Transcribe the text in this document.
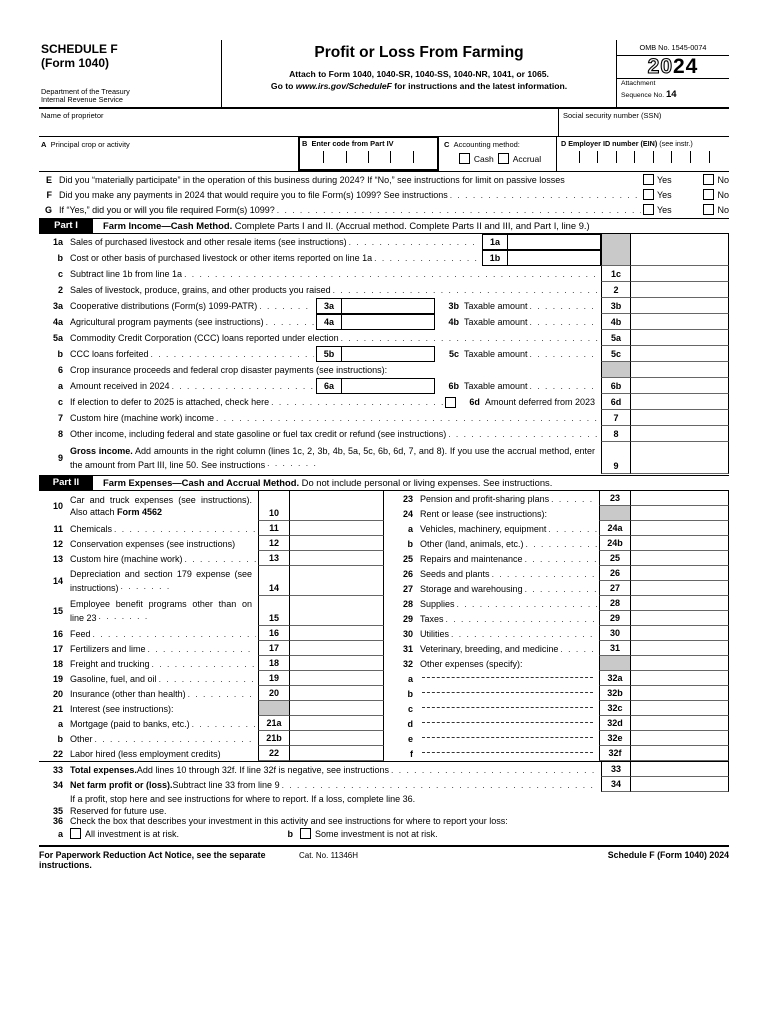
SCHEDULE F
(Form 1040)
Department of the Treasury
Internal Revenue Service
Profit or Loss From Farming
Attach to Form 1040, 1040-SR, 1040-SS, 1040-NR, 1041, or 1065.
Go to www.irs.gov/ScheduleF for instructions and the latest information.
OMB No. 1545-0074
2024
Attachment
Sequence No. 14
Name of proprietor	Social security number (SSN)
A Principal crop or activity	B Enter code from Part IV	C Accounting method:
Cash Accrual
D Employer ID number (EIN) (see instr.)
E Did you “materially participate” in the operation of this business during 2024? If “No,” see instructions for limit on passive losses	Yes	No
F Did you make any payments in 2024 that would require you to file Form(s) 1099? See instructions . . .	Yes	No
G If “Yes,” did you or will you file required Form(s) 1099? . . .	Yes	No
Part I	Farm Income—Cash Method. Complete Parts I and II. (Accrual method. Complete Parts II and III, and Part I, line 9.)
1a Sales of purchased livestock and other resale items (see instructions) . . .	1a
b Cost or other basis of purchased livestock or other items reported on line 1a . . .	1b
c Subtract line 1b from line 1a . . .	1c
2 Sales of livestock, produce, grains, and other products you raised . . .	2
3a Cooperative distributions (Form(s) 1099-PATR) . . .	3a	3b Taxable amount . . .	3b
4a Agricultural program payments (see instructions) . . .	4a	4b Taxable amount . . .	4b
5a Commodity Credit Corporation (CCC) loans reported under election . . .	5a
b CCC loans forfeited . . .	5b	5c Taxable amount . . .	5c
6 Crop insurance proceeds and federal crop disaster payments (see instructions):
a Amount received in 2024 . . .	6a	6b Taxable amount . . .	6b
c If election to defer to 2025 is attached, check here . . .	6d Amount deferred from 2023	6d
7 Custom hire (machine work) income . . .	7
8 Other income, including federal and state gasoline or fuel tax credit or refund (see instructions) . . .	8
9
Gross income. Add amounts in the right column (lines 1c, 2, 3b, 4b, 5a, 5c, 6b, 6d, 7, and 8). If you use the accrual method, enter the amount from Part III, line 50. See instructions . . .	9
Part II	Farm Expenses—Cash and Accrual Method. Do not include personal or living expenses. See instructions.
10
Car and truck expenses (see instructions). Also attach Form 4562	10
11 Chemicals . . .	11
12 Conservation expenses (see instructions)	12
13 Custom hire (machine work) . . .	13
14
Depreciation and section 179 expense (see instructions) . . .	14
15
Employee benefit programs other than on line 23 . . .	15
16 Feed . . .	16
17 Fertilizers and lime . . .	17
18 Freight and trucking . . .	18
19 Gasoline, fuel, and oil . . .	19
20 Insurance (other than health) . . .	20
21 Interest (see instructions):
a Mortgage (paid to banks, etc.) . . .	21a
b Other . . .	21b
22 Labor hired (less employment credits)	22
23 Pension and profit-sharing plans . . .	23
24 Rent or lease (see instructions):
a Vehicles, machinery, equipment . . .	24a
b Other (land, animals, etc.) . . .	24b
25 Repairs and maintenance . . .	25
26 Seeds and plants . . .	26
27 Storage and warehousing . . .	27
28 Supplies . . .	28
29 Taxes . . .	29
30 Utilities . . .	30
31 Veterinary, breeding, and medicine . . .	31
32 Other expenses (specify):
a	32a
b	32b
c	32c
d	32d
e	32e
f	32f
33 Total expenses. Add lines 10 through 32f. If line 32f is negative, see instructions . . .	33
34 Net farm profit or (loss). Subtract line 33 from line 9 . . .	34
If a profit, stop here and see instructions for where to report. If a loss, complete line 36.
35 Reserved for future use.
36 Check the box that describes your investment in this activity and see instructions for where to report your loss:
a	All investment is at risk.	b	Some investment is not at risk.
For Paperwork Reduction Act Notice, see the separate instructions.
Cat. No. 11346H	Schedule F (Form 1040) 2024
